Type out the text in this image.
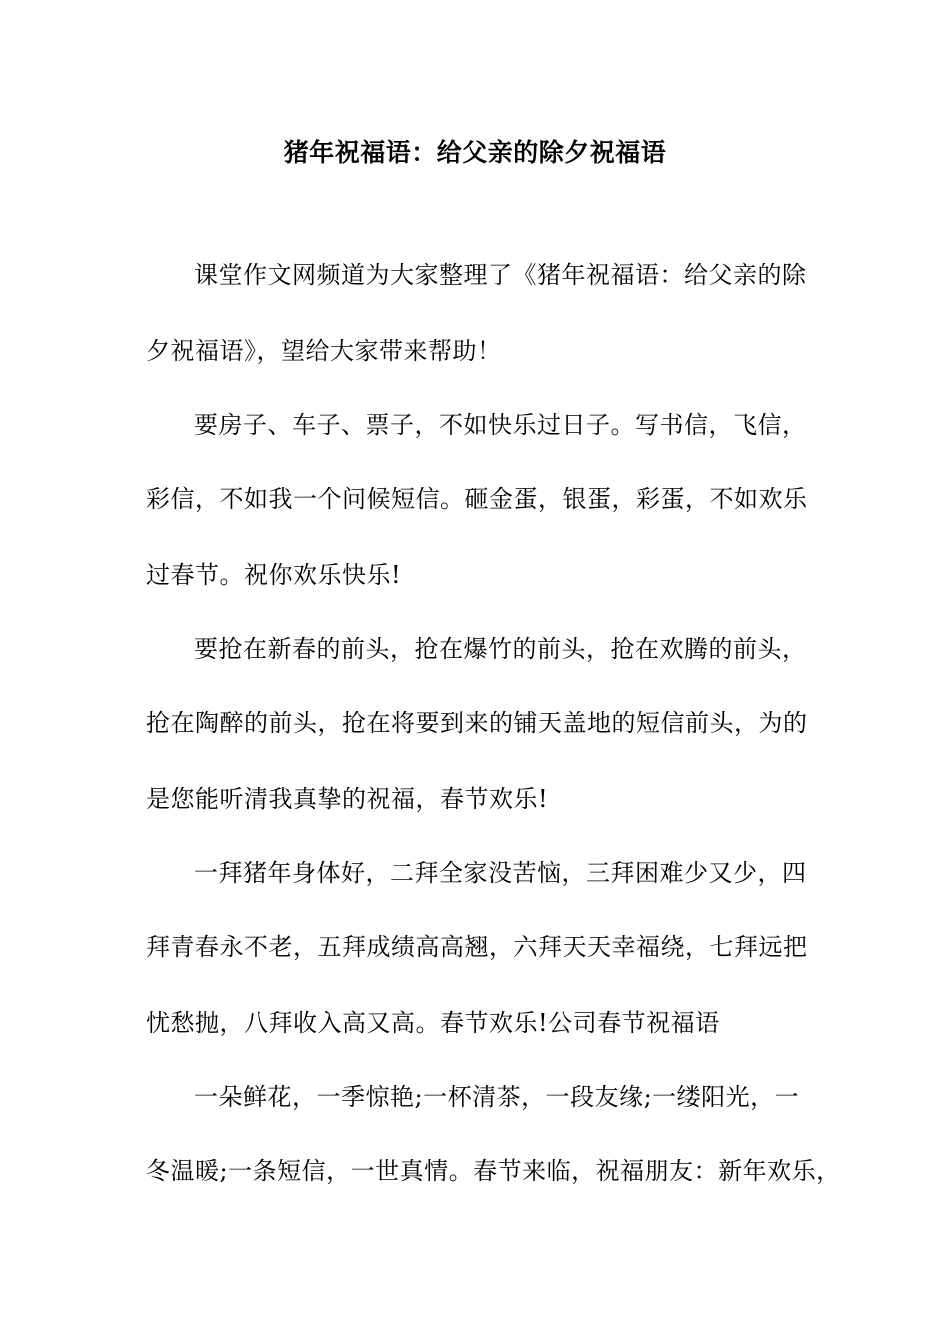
猪年祝福语：给父亲的除夕祝福语
课堂作文网频道为大家整理了《猪年祝福语：给父亲的除
夕祝福语》，望给大家带来帮助！
要房子、车子、票子，不如快乐过日子。写书信，飞信，
彩信，不如我一个问候短信。砸金蛋，银蛋，彩蛋，不如欢乐
过春节。祝你欢乐快乐!
要抢在新春的前头，抢在爆竹的前头，抢在欢腾的前头，
抢在陶醉的前头，抢在将要到来的铺天盖地的短信前头，为的
是您能听清我真挚的祝福，春节欢乐!
一拜猪年身体好，二拜全家没苦恼，三拜困难少又少，四
拜青春永不老，五拜成绩高高翘，六拜天天幸福绕，七拜远把
忧愁抛，八拜收入高又高。春节欢乐!公司春节祝福语
一朵鲜花，一季惊艳;一杯清茶，一段友缘;一缕阳光，一
冬温暖;一条短信，一世真情。春节来临，祝福朋友：新年欢乐，
